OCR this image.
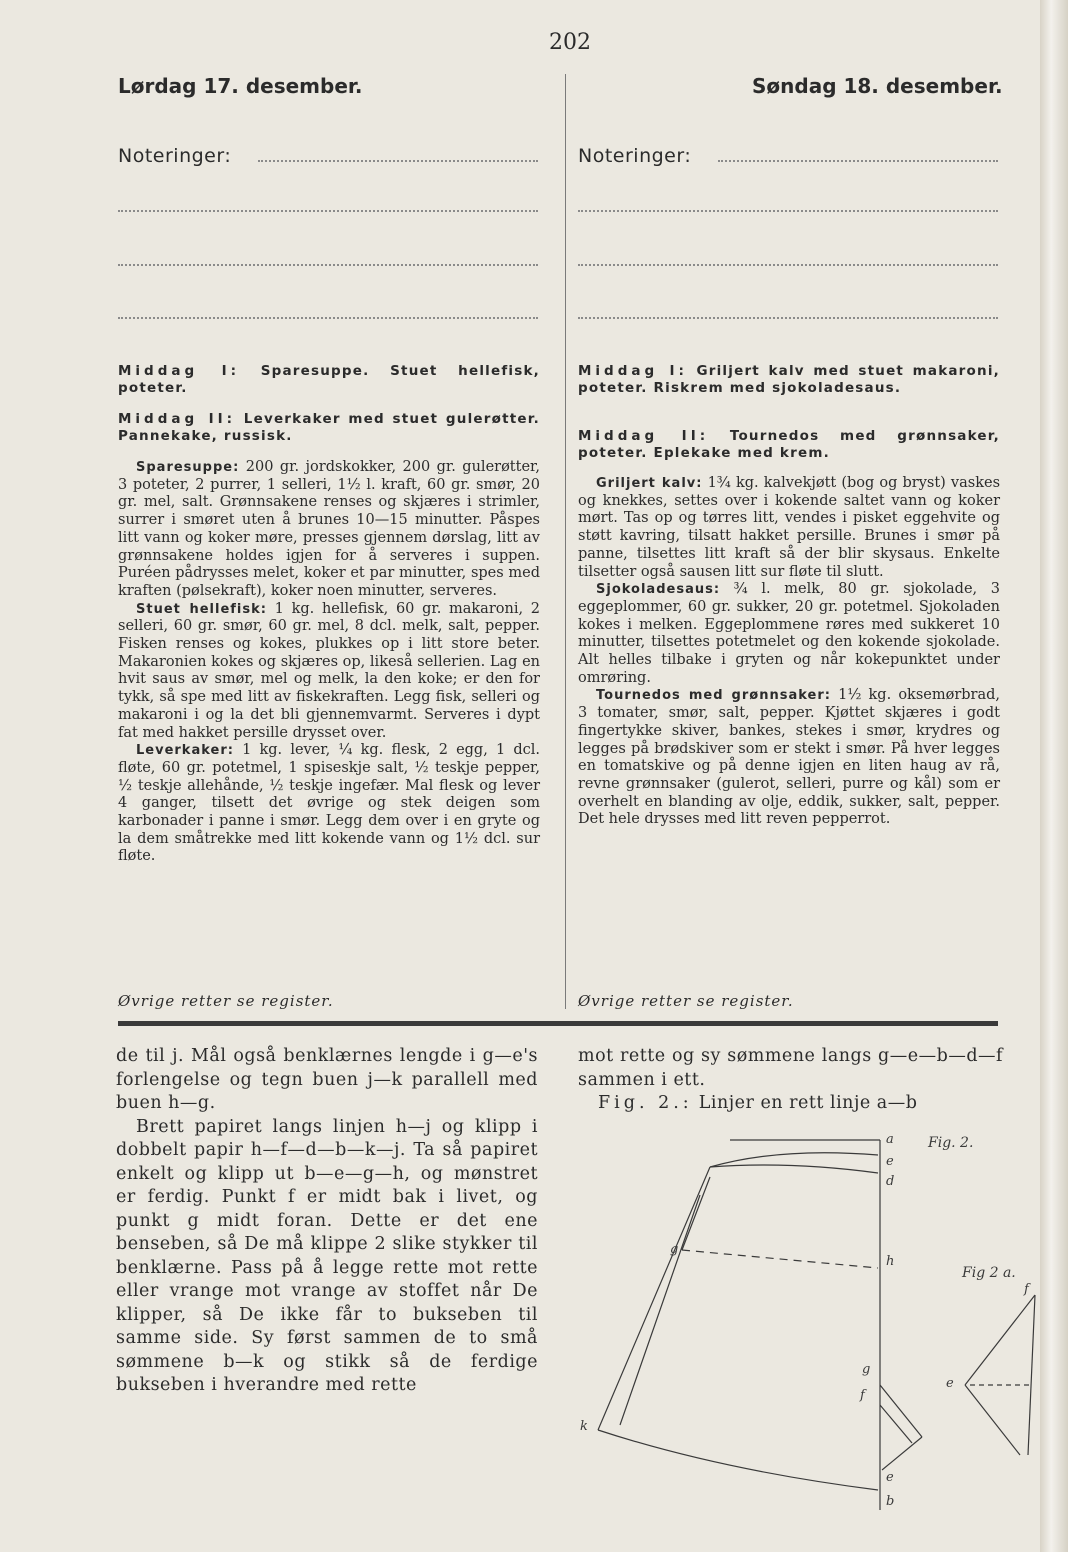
202
Lørdag 17. desember.	Søndag 18. desember.
Noteringer:	Noteringer:
Middag I: Sparesuppe. Stuet hellefisk, poteter.
Middag II: Leverkaker med stuet gulerøtter. Pannekake, russisk.

Sparesuppe: 200 gr. jordskokker, 200 gr. gulerøtter, 3 poteter, 2 purrer, 1 selleri, 1½ l. kraft, 60 gr. smør, 20 gr. mel, salt. Grønnsakene renses og skjæres i strimler, surrer i smøret uten å brunes 10—15 minutter. Påspes litt vann og koker møre, presses gjennem dørslag, litt av grønnsakene holdes igjen for å serveres i suppen. Puréen pådrysses melet, koker et par minutter, spes med kraften (pølsekraft), koker noen minutter, serveres.

Stuet hellefisk: 1 kg. hellefisk, 60 gr. makaroni, 2 selleri, 60 gr. smør, 60 gr. mel, 8 dcl. melk, salt, pepper. Fisken renses og kokes, plukkes op i litt store beter. Makaronien kokes og skjæres op, likeså sellerien. Lag en hvit saus av smør, mel og melk, la den koke; er den for tykk, så spe med litt av fiskekraften. Legg fisk, selleri og makaroni i og la det bli gjennemvarmt. Serveres i dypt fat med hakket persille drysset over.

Leverkaker: 1 kg. lever, ¼ kg. flesk, 2 egg, 1 dcl. fløte, 60 gr. potetmel, 1 spiseskje salt, ½ teskje pepper, ½ teskje allehånde, ½ teskje ingefær. Mal flesk og lever 4 ganger, tilsett det øvrige og stek deigen som karbonader i panne i smør. Legg dem over i en gryte og la dem småtrekke med litt kokende vann og 1½ dcl. sur fløte.

Øvrige retter se register.
Middag I: Griljert kalv med stuet makaroni, poteter. Riskrem med sjokoladesaus.
Middag II: Tournedos med grønnsaker, poteter. Eplekake med krem.

Griljert kalv: 1¾ kg. kalvekjøtt (bog og bryst) vaskes og knekkes, settes over i kokende saltet vann og koker mørt. Tas op og tørres litt, vendes i pisket eggehvite og støtt kavring, tilsatt hakket persille. Brunes i smør på panne, tilsettes litt kraft så der blir skysaus. Enkelte tilsetter også sausen litt sur fløte til slutt.

Sjokoladesaus: ¾ l. melk, 80 gr. sjokolade, 3 eggeplommer, 60 gr. sukker, 20 gr. potetmel. Sjokoladen kokes i melken. Eggeplommene røres med sukkeret 10 minutter, tilsettes potetmelet og den kokende sjokolade. Alt helles tilbake i gryten og når kokepunktet under omrøring.

Tournedos med grønnsaker: 1½ kg. oksemørbrad, 3 tomater, smør, salt, pepper. Kjøttet skjæres i godt fingertykke skiver, bankes, stekes i smør, krydres og legges på brødskiver som er stekt i smør. På hver legges en tomatskive og på denne igjen en liten haug av rå, revne grønnsaker (gulerot, selleri, purre og kål) som er overhelt en blanding av olje, eddik, sukker, salt, pepper. Det hele drysses med litt reven pepperrot.

Øvrige retter se register.

de til j. Mål også benklærnes lengde i g—e's forlengelse og tegn buen j—k parallell med buen h—g.

Brett papiret langs linjen h—j og klipp i dobbelt papir h—f—d—b—k—j. Ta så papiret enkelt og klipp ut b—e—g—h, og mønstret er ferdig. Punkt f er midt bak i livet, og punkt g midt foran. Dette er det ene benseben, så De må klippe 2 slike stykker til benklærne. Pass på å legge rette mot rette eller vrange mot vrange av stoffet når De klipper, så De ikke får to bukseben til samme side. Sy først sammen de to små sømmene b—k og stikk så de ferdige bukseben i hverandre med rette

mot rette og sy sømmene langs g—e—b—d—f sammen i ett.

Fig. 2.: Linjer en rett linje a—b

a
e
d
g
h
g
f
k
e
b
e
f
Fig. 2.
Fig 2 a.
